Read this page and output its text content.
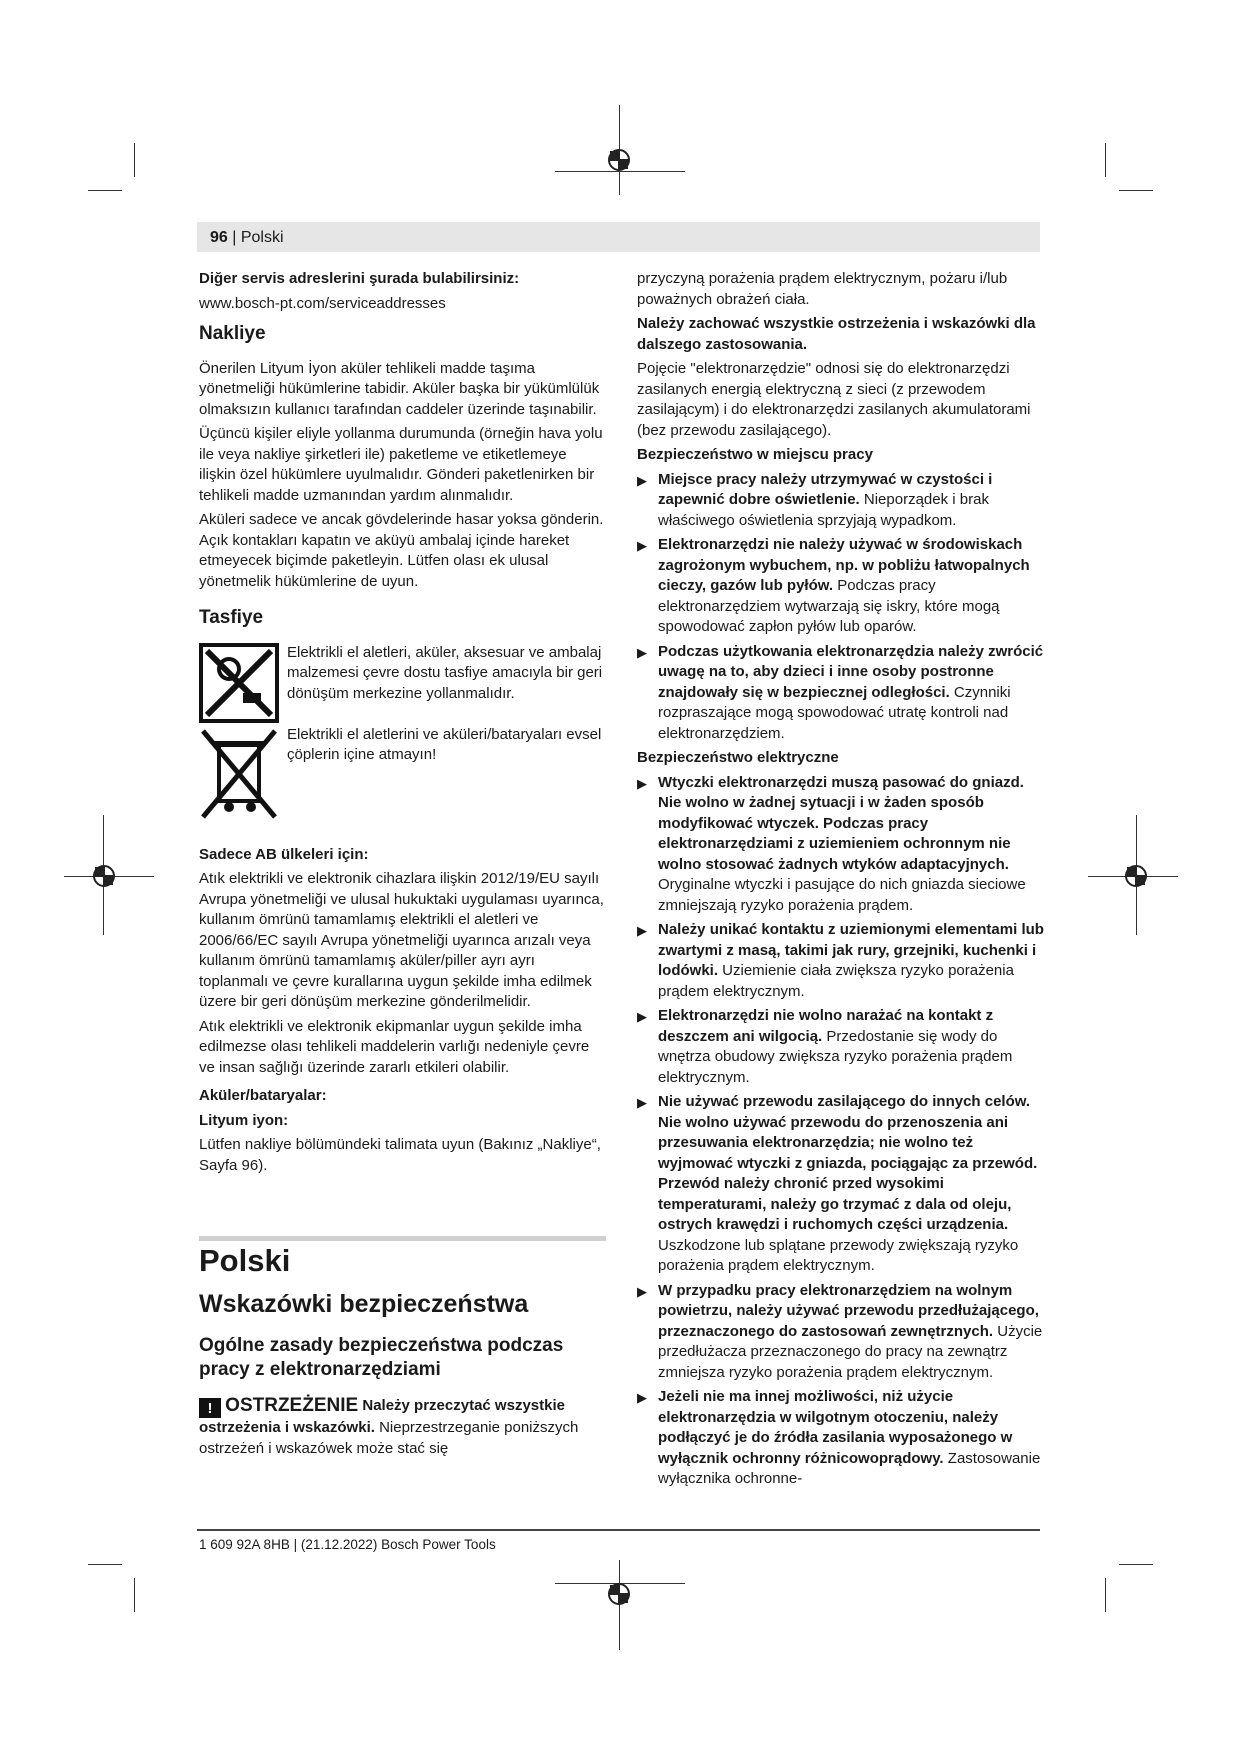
96 | Polski

Diğer servis adreslerini şurada bulabilirsiniz:

www.bosch-pt.com/serviceaddresses

Nakliye

Önerilen Lityum İyon aküler tehlikeli madde taşıma yönetmeliği hükümlerine tabidir. Aküler başka bir yükümlülük olmaksızın kullanıcı tarafından caddeler üzerinde taşınabilir.

Üçüncü kişiler eliyle yollanma durumunda (örneğin hava yolu ile veya nakliye şirketleri ile) paketleme ve etiketlemeye ilişkin özel hükümlere uyulmalıdır. Gönderi paketlenirken bir tehlikeli madde uzmanından yardım alınmalıdır.

Aküleri sadece ve ancak gövdelerinde hasar yoksa gönderin. Açık kontakları kapatın ve aküyü ambalaj içinde hareket etmeyecek biçimde paketleyin. Lütfen olası ek ulusal yönetmelik hükümlerine de uyun.

Tasfiye

Elektrikli el aletleri, aküler, aksesuar ve ambalaj malzemesi çevre dostu tasfiye amacıyla bir geri dönüşüm merkezine yollanmalıdır.

Elektrikli el aletlerini ve aküleri/bataryaları evsel çöplerin içine atmayın!

Sadece AB ülkeleri için:

Atık elektrikli ve elektronik cihazlara ilişkin 2012/19/EU sayılı Avrupa yönetmeliği ve ulusal hukuktaki uygulaması uyarınca, kullanım ömrünü tamamlamış elektrikli el aletleri ve 2006/66/EC sayılı Avrupa yönetmeliği uyarınca arızalı veya kullanım ömrünü tamamlamış aküler/piller ayrı ayrı toplanmalı ve çevre kurallarına uygun şekilde imha edilmek üzere bir geri dönüşüm merkezine gönderilmelidir.

Atık elektrikli ve elektronik ekipmanlar uygun şekilde imha edilmezse olası tehlikeli maddelerin varlığı nedeniyle çevre ve insan sağlığı üzerinde zararlı etkileri olabilir.

Aküler/bataryalar:

Lityum iyon:

Lütfen nakliye bölümündeki talimata uyun (Bakınız „Nakliye“, Sayfa 96).

Polski
Wskazówki bezpieczeństwa
Ogólne zasady bezpieczeństwa podczas pracy z elektronarzędziami

! OSTRZEŻENIE Należy przeczytać wszystkie ostrzeżenia i wskazówki. Nieprzestrzeganie poniższych ostrzeżeń i wskazówek może stać się

przyczyną porażenia prądem elektrycznym, pożaru i/lub poważnych obrażeń ciała.

Należy zachować wszystkie ostrzeżenia i wskazówki dla dalszego zastosowania.

Pojęcie "elektronarzędzie" odnosi się do elektronarzędzi zasilanych energią elektryczną z sieci (z przewodem zasilającym) i do elektronarzędzi zasilanych akumulatorami (bez przewodu zasilającego).

Bezpieczeństwo w miejscu pracy

▶ Miejsce pracy należy utrzymywać w czystości i zapewnić dobre oświetlenie. Nieporządek i brak właściwego oświetlenia sprzyjają wypadkom.

▶ Elektronarzędzi nie należy używać w środowiskach zagrożonym wybuchem, np. w pobliżu łatwopalnych cieczy, gazów lub pyłów. Podczas pracy elektronarzędziem wytwarzają się iskry, które mogą spowodować zapłon pyłów lub oparów.

▶ Podczas użytkowania elektronarzędzia należy zwrócić uwagę na to, aby dzieci i inne osoby postronne znajdowały się w bezpiecznej odległości. Czynniki rozpraszające mogą spowodować utratę kontroli nad elektronarzędziem.

Bezpieczeństwo elektryczne

▶ Wtyczki elektronarzędzi muszą pasować do gniazd. Nie wolno w żadnej sytuacji i w żaden sposób modyfikować wtyczek. Podczas pracy elektronarzędziami z uziemieniem ochronnym nie wolno stosować żadnych wtyków adaptacyjnych. Oryginalne wtyczki i pasujące do nich gniazda sieciowe zmniejszają ryzyko porażenia prądem.

▶ Należy unikać kontaktu z uziemionymi elementami lub zwartymi z masą, takimi jak rury, grzejniki, kuchenki i lodówki. Uziemienie ciała zwiększa ryzyko porażenia prądem elektrycznym.

▶ Elektronarzędzi nie wolno narażać na kontakt z deszczem ani wilgocią. Przedostanie się wody do wnętrza obudowy zwiększa ryzyko porażenia prądem elektrycznym.

▶ Nie używać przewodu zasilającego do innych celów. Nie wolno używać przewodu do przenoszenia ani przesuwania elektronarzędzia; nie wolno też wyjmować wtyczki z gniazda, pociągając za przewód. Przewód należy chronić przed wysokimi temperaturami, należy go trzymać z dala od oleju, ostrych krawędzi i ruchomych części urządzenia. Uszkodzone lub splątane przewody zwiększają ryzyko porażenia prądem elektrycznym.

▶ W przypadku pracy elektronarzędziem na wolnym powietrzu, należy używać przewodu przedłużającego, przeznaczonego do zastosowań zewnętrznych. Użycie przedłużacza przeznaczonego do pracy na zewnątrz zmniejsza ryzyko porażenia prądem elektrycznym.

▶ Jeżeli nie ma innej możliwości, niż użycie elektronarzędzia w wilgotnym otoczeniu, należy podłączyć je do źródła zasilania wyposażonego w wyłącznik ochronny różnicowoprądowy. Zastosowanie wyłącznika ochronne-

1 609 92A 8HB | (21.12.2022) Bosch Power Tools
